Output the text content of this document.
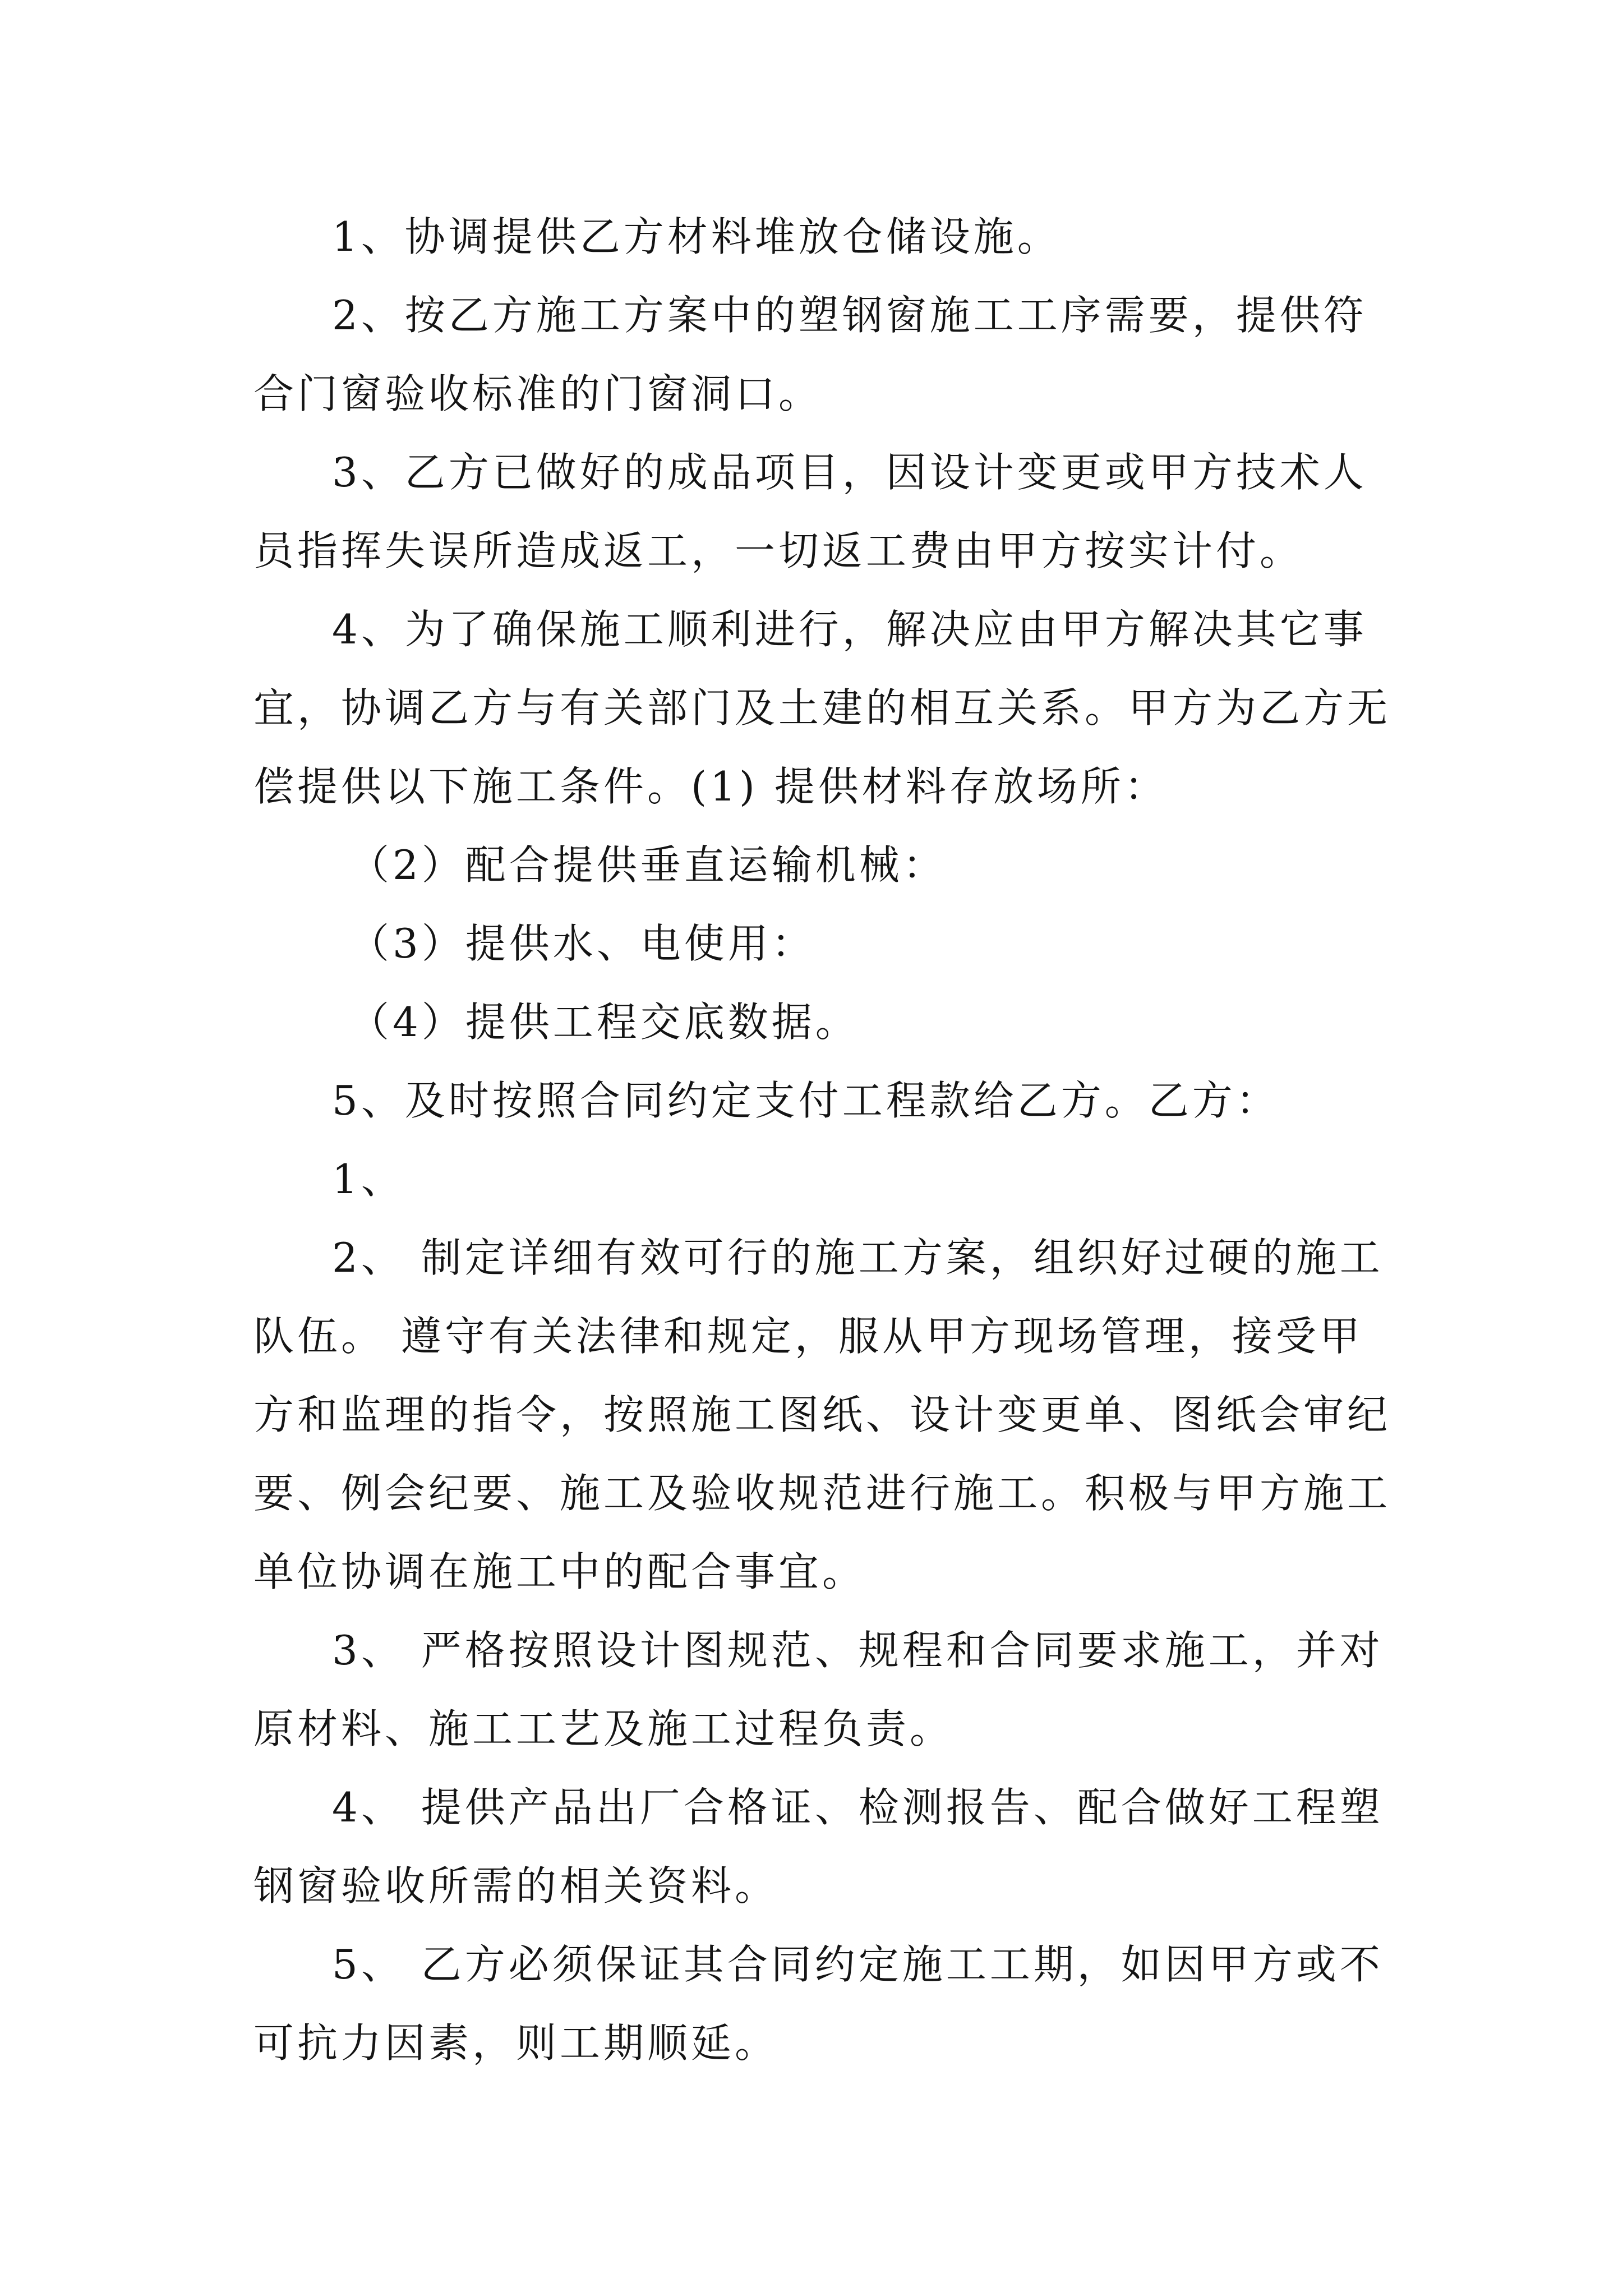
1、协调提供乙方材料堆放仓储设施。
2、按乙方施工方案中的塑钢窗施工工序需要，提供符
合门窗验收标准的门窗洞口。
3、乙方已做好的成品项目，因设计变更或甲方技术人
员指挥失误所造成返工，一切返工费由甲方按实计付。
4、为了确保施工顺利进行，解决应由甲方解决其它事
宜，协调乙方与有关部门及土建的相互关系。甲方为乙方无
偿提供以下施工条件。(1) 提供材料存放场所：
（2）配合提供垂直运输机械：
（3）提供水、电使用：
（4）提供工程交底数据。
5、及时按照合同约定支付工程款给乙方。乙方：
1、
2、 制定详细有效可行的施工方案，组织好过硬的施工
队伍。 遵守有关法律和规定，服从甲方现场管理，接受甲
方和监理的指令，按照施工图纸、设计变更单、图纸会审纪
要、例会纪要、施工及验收规范进行施工。积极与甲方施工
单位协调在施工中的配合事宜。
3、 严格按照设计图规范、规程和合同要求施工，并对
原材料、施工工艺及施工过程负责。
4、 提供产品出厂合格证、检测报告、配合做好工程塑
钢窗验收所需的相关资料。
5、 乙方必须保证其合同约定施工工期，如因甲方或不
可抗力因素，则工期顺延。
